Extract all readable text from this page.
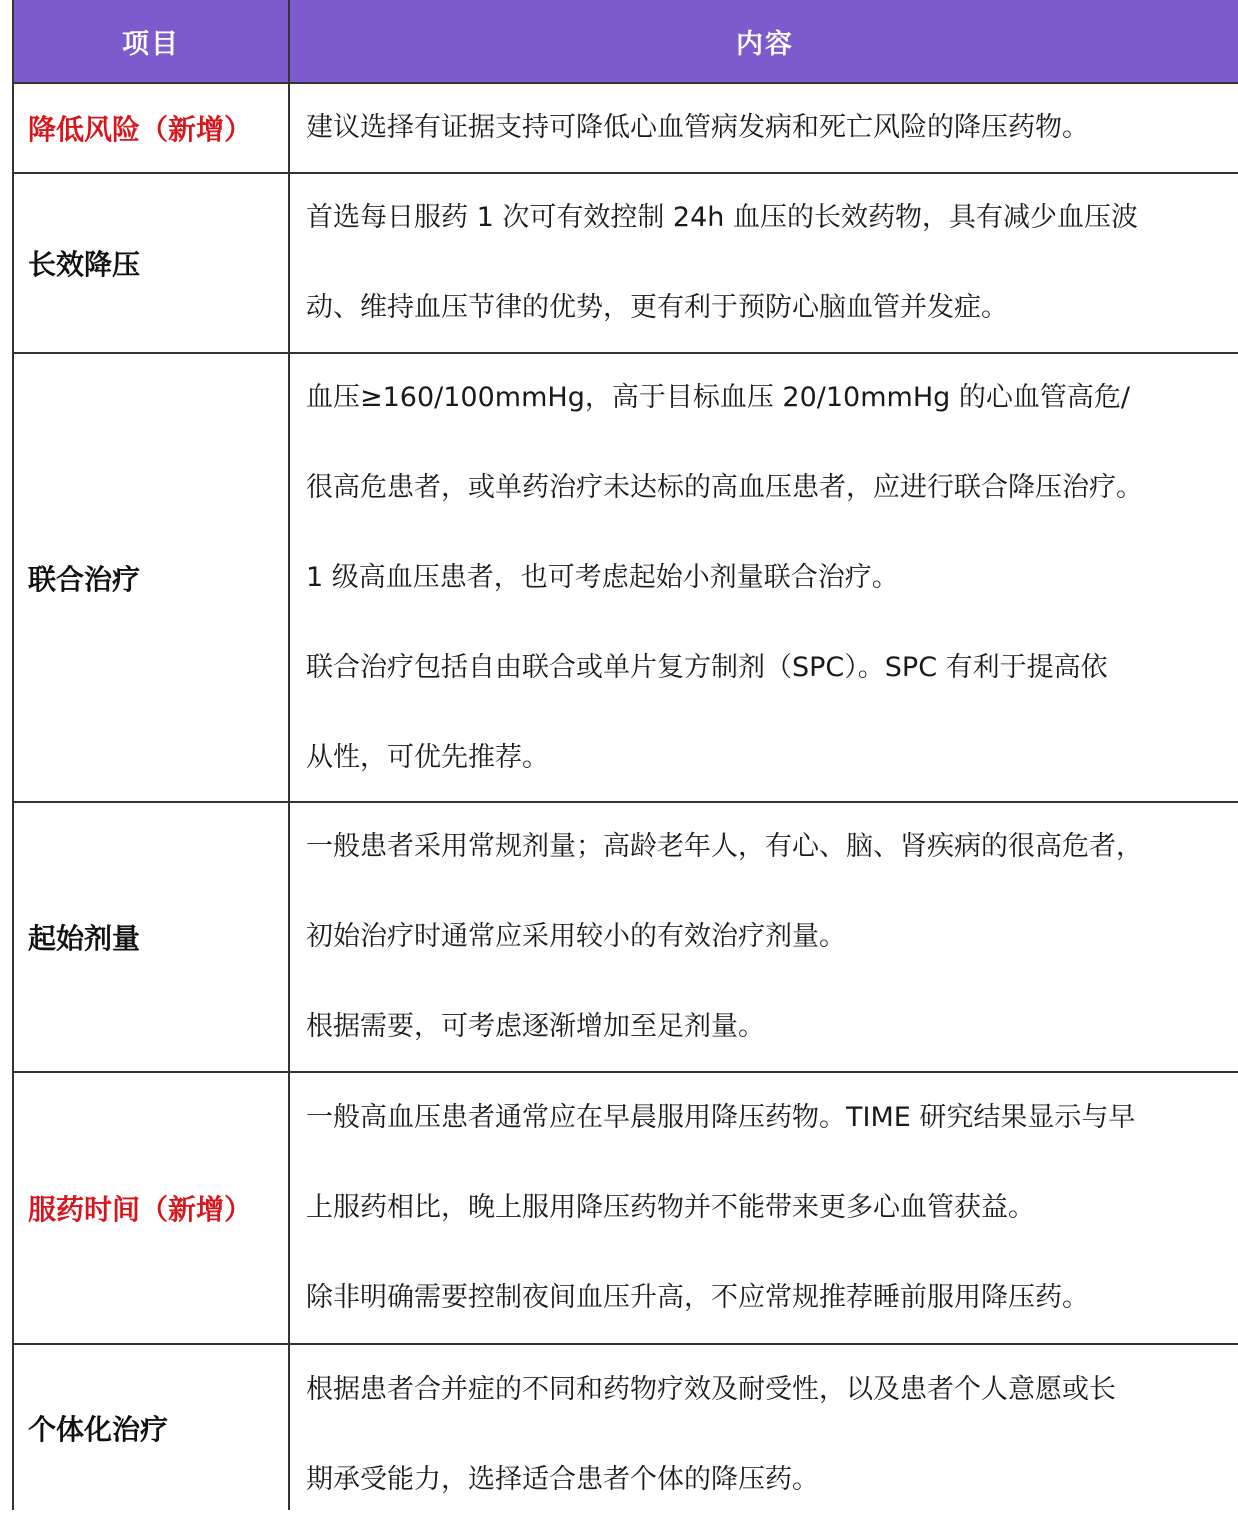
项目	内容
降低风险（新增） 建议选择有证据支持可降低心血管病发病和死亡风险的降压药物。
长效降压
首选每日服药 1 次可有效控制 24h 血压的长效药物，具有减少血压波
动、维持血压节律的优势，更有利于预防心脑血管并发症。
联合治疗
血压≥160/100mmHg，高于目标血压 20/10mmHg 的心血管高危/
很高危患者，或单药治疗未达标的高血压患者，应进行联合降压治疗。
1 级高血压患者，也可考虑起始小剂量联合治疗。
联合治疗包括自由联合或单片复方制剂（SPC）。SPC 有利于提高依
从性，可优先推荐。
起始剂量
一般患者采用常规剂量；高龄老年人，有心、脑、肾疾病的很高危者，
初始治疗时通常应采用较小的有效治疗剂量。
根据需要，可考虑逐渐增加至足剂量。
服药时间（新增）
一般高血压患者通常应在早晨服用降压药物。TIME 研究结果显示与早
上服药相比，晚上服用降压药物并不能带来更多心血管获益。
除非明确需要控制夜间血压升高，不应常规推荐睡前服用降压药。
个体化治疗
根据患者合并症的不同和药物疗效及耐受性，以及患者个人意愿或长
期承受能力，选择适合患者个体的降压药。
